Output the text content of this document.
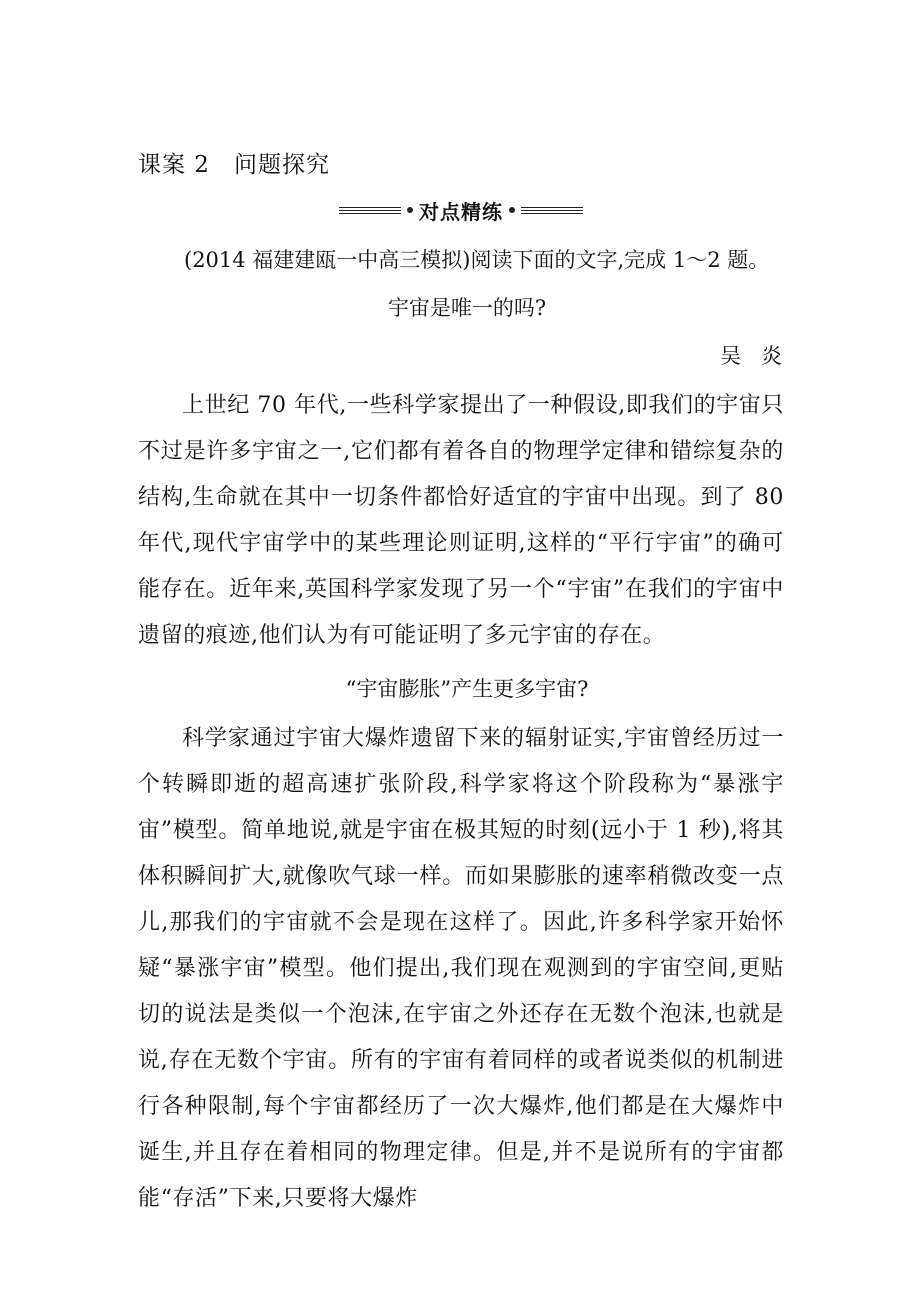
课案 2　问题探究
对点精练
(2014 福建建瓯一中高三模拟)阅读下面的文字,完成 1～2 题。
宇宙是唯一的吗?
吴炎

上世纪 70 年代,一些科学家提出了一种假设,即我们的宇宙只不过是许多宇宙之一,它们都有着各自的物理学定律和错综复杂的结构,生命就在其中一切条件都恰好适宜的宇宙中出现。到了 80 年代,现代宇宙学中的某些理论则证明,这样的“平行宇宙”的确可能存在。近年来,英国科学家发现了另一个“宇宙”在我们的宇宙中遗留的痕迹,他们认为有可能证明了多元宇宙的存在。

“宇宙膨胀”产生更多宇宙?

科学家通过宇宙大爆炸遗留下来的辐射证实,宇宙曾经历过一个转瞬即逝的超高速扩张阶段,科学家将这个阶段称为“暴涨宇宙”模型。简单地说,就是宇宙在极其短的时刻(远小于 1 秒),将其体积瞬间扩大,就像吹气球一样。而如果膨胀的速率稍微改变一点儿,那我们的宇宙就不会是现在这样了。因此,许多科学家开始怀疑“暴涨宇宙”模型。他们提出,我们现在观测到的宇宙空间,更贴切的说法是类似一个泡沫,在宇宙之外还存在无数个泡沫,也就是说,存在无数个宇宙。所有的宇宙有着同样的或者说类似的机制进行各种限制,每个宇宙都经历了一次大爆炸,他们都是在大爆炸中诞生,并且存在着相同的物理定律。但是,并不是说所有的宇宙都能“存活”下来,只要将大爆炸
